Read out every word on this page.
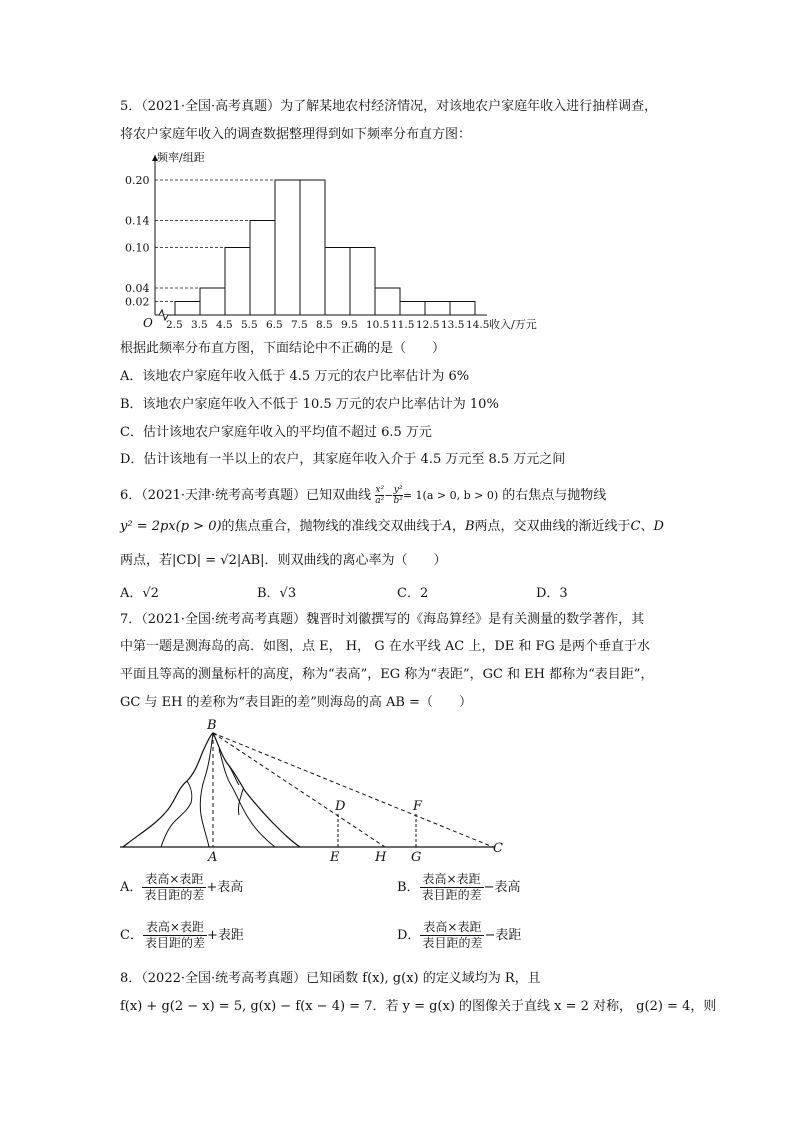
5．（2021·全国·高考真题）为了解某地农村经济情况，对该地农户家庭年收入进行抽样调查，
将农户家庭年收入的调查数据整理得到如下频率分布直方图：
频率/组距
O
0.20
0.14
0.10
0.04
0.02
2.5 3.5 4.5 5.5 6.5 7.5 8.5 9.5 10.5 11.5 12.5 13.5 14.5 收入/万元
根据此频率分布直方图，下面结论中不正确的是（　　）
A．该地农户家庭年收入低于 4.5 万元的农户比率估计为 6%
B．该地农户家庭年收入不低于 10.5 万元的农户比率估计为 10%
C．估计该地农户家庭年收入的平均值不超过 6.5 万元
D．估计该地有一半以上的农户，其家庭年收入介于 4.5 万元至 8.5 万元之间
6．（2021·天津·统考高考真题）已知双曲线 $\frac{\text{x²}}{\text{a²}}- \frac{\text{y²}}{\text{b²}}= 1(a > 0$, b > 0) 的右焦点与抛物线
y² = 2px(p > 0)的焦点重合，抛物线的准线交双曲线于A，B两点，交双曲线的渐近线于C、D
两点，若|CD| = √2|AB|．则双曲线的离心率为（　　）
A．√2	B．√3	C．2	D．3
7．（2021·全国·统考高考真题）魏晋时刘徽撰写的《海岛算经》是有关测量的数学著作，其
中第一题是测海岛的高．如图，点 E， H， G 在水平线 AC 上，DE 和 FG 是两个垂直于水
平面且等高的测量标杆的高度，称为“表高”，EG 称为“表距”，GC 和 EH 都称为“表目距”，
GC 与 EH 的差称为“表目距的差”则海岛的高 AB =（　　）
B
D	F
A	E	H G
C
A． $\frac{\text{表高×表距}}{\text{表目距的差}}$ +表高	B． $\frac{\text{表高×表距}}{\text{表目距的差}}$ −表高
C． $\frac{\text{表高×表距}}{\text{表目距的差}}$ +表距	D． $\frac{\text{表高×表距}}{\text{表目距的差}}$ −表距
8．（2022·全国·统考高考真题）已知函数 f(x), g(x) 的定义域均为 R，且
f(x) + g(2 − x) = 5, g(x) − f(x − 4) = 7．若 y = g(x) 的图像关于直线 x = 2 对称， g(2) = 4，则
